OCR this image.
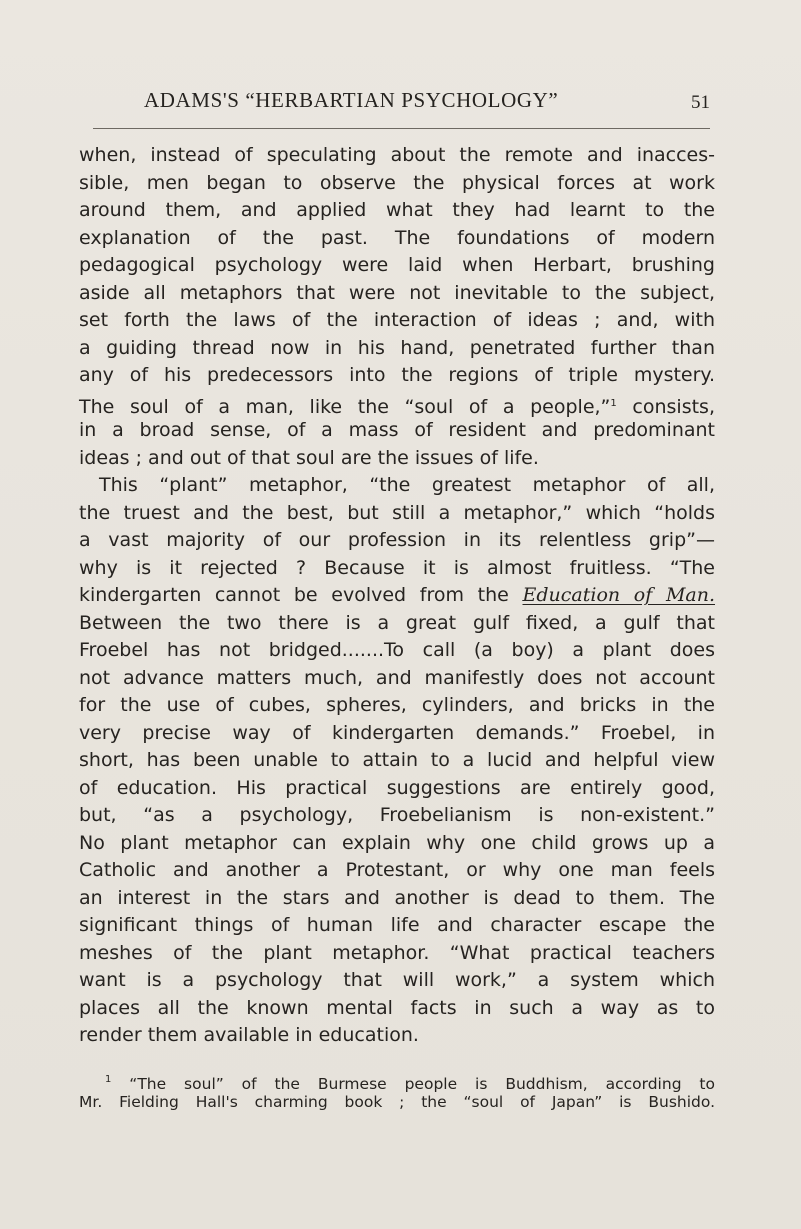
ADAMS'S “HERBARTIAN PSYCHOLOGY”	51
when, instead of speculating about the remote and inacces-
sible, men began to observe the physical forces at work
around them, and applied what they had learnt to the
explanation of the past. The foundations of modern
pedagogical psychology were laid when Herbart, brushing
aside all metaphors that were not inevitable to the subject,
set forth the laws of the interaction of ideas ; and, with
a guiding thread now in his hand, penetrated further than
any of his predecessors into the regions of triple mystery.
The soul of a man, like the “soul of a people,”$^1$ consists,
in a broad sense, of a mass of resident and predominant
ideas ; and out of that soul are the issues of life.
This “plant” metaphor, “the greatest metaphor of all,
the truest and the best, but still a metaphor,” which “holds
a vast majority of our profession in its relentless grip”—
why is it rejected ? Because it is almost fruitless. “The
kindergarten cannot be evolved from the Education of Man.
Between the two there is a great gulf fixed, a gulf that
Froebel has not bridged.......To call (a boy) a plant does
not advance matters much, and manifestly does not account
for the use of cubes, spheres, cylinders, and bricks in the
very precise way of kindergarten demands.” Froebel, in
short, has been unable to attain to a lucid and helpful view
of education. His practical suggestions are entirely good,
but, “as a psychology, Froebelianism is non-existent.”
No plant metaphor can explain why one child grows up a
Catholic and another a Protestant, or why one man feels
an interest in the stars and another is dead to them. The
significant things of human life and character escape the
meshes of the plant metaphor. “What practical teachers
want is a psychology that will work,” a system which
places all the known mental facts in such a way as to
render them available in education.
$^1$ “The soul” of the Burmese people is Buddhism, according to
Mr. Fielding Hall's charming book ; the “soul of Japan” is Bushido.
